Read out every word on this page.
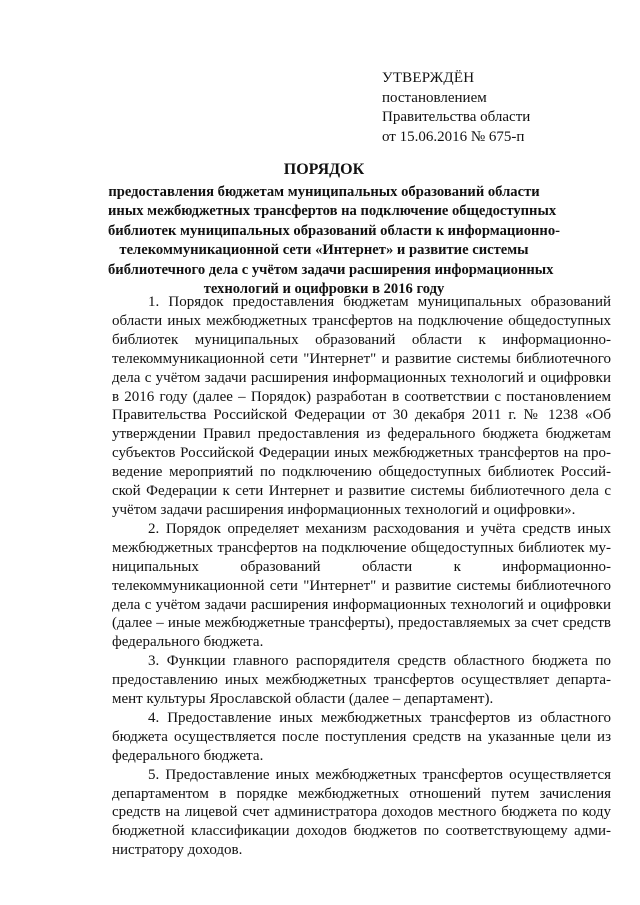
УТВЕРЖДЁН
постановлением
Правительства области
от 15.06.2016 № 675-п
ПОРЯДОК
предоставления бюджетам муниципальных образований области
иных межбюджетных трансфертов на подключение общедоступных
библиотек муниципальных образований области к информационно-
телекоммуникационной сети «Интернет» и развитие системы
библиотечного дела с учётом задачи расширения информационных
технологий и оцифровки в 2016 году
1. Порядок предоставления бюджетам муниципальных образований
области иных межбюджетных трансфертов на подключение общедоступных
библиотек муниципальных образований области к информационно-
телекоммуникационной сети "Интернет" и развитие системы библиотечного
дела с учётом задачи расширения информационных технологий и оцифровки
в 2016 году (далее – Порядок) разработан в соответствии с постановлением
Правительства Российской Федерации от 30 декабря 2011 г. № 1238 «Об
утверждении Правил предоставления из федерального бюджета бюджетам
субъектов Российской Федерации иных межбюджетных трансфертов на про-
ведение мероприятий по подключению общедоступных библиотек Россий-
ской Федерации к сети Интернет и развитие системы библиотечного дела с
учётом задачи расширения информационных технологий и оцифровки».
2. Порядок определяет механизм расходования и учёта средств иных
межбюджетных трансфертов на подключение общедоступных библиотек му-
ниципальных образований области к информационно-
телекоммуникационной сети "Интернет" и развитие системы библиотечного
дела с учётом задачи расширения информационных технологий и оцифровки
(далее – иные межбюджетные трансферты), предоставляемых за счет средств
федерального бюджета.
3. Функции главного распорядителя средств областного бюджета по
предоставлению иных межбюджетных трансфертов осуществляет департа-
мент культуры Ярославской области (далее – департамент).
4. Предоставление иных межбюджетных трансфертов из областного
бюджета осуществляется после поступления средств на указанные цели из
федерального бюджета.
5. Предоставление иных межбюджетных трансфертов осуществляется
департаментом в порядке межбюджетных отношений путем зачисления
средств на лицевой счет администратора доходов местного бюджета по коду
бюджетной классификации доходов бюджетов по соответствующему адми-
нистратору доходов.
